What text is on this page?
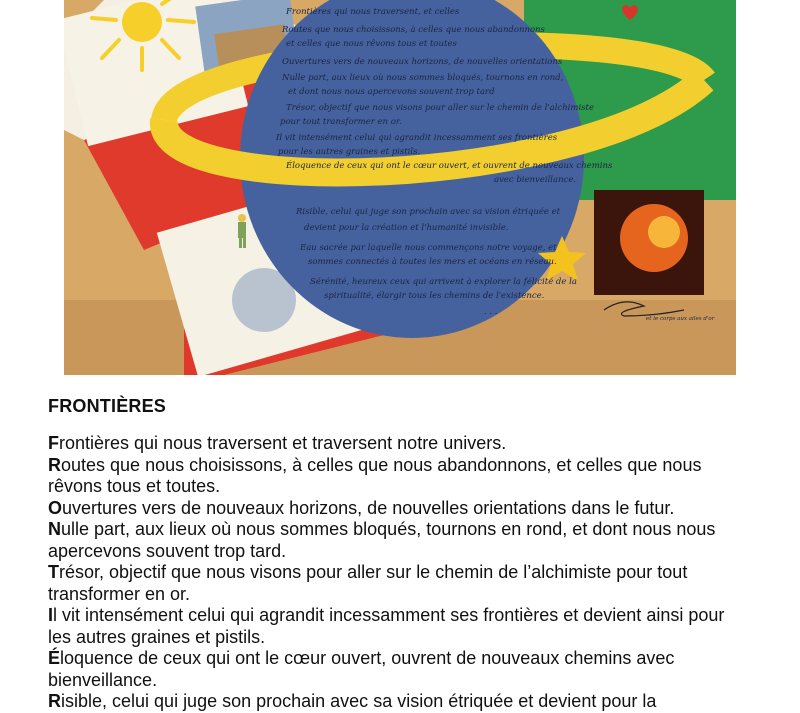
Frontières qui nous traversent, et celles
Routes que nous choisissons, à celles que nous abandonnons
et celles que nous rêvons tous et toutes
Ouvertures vers de nouveaux horizons, de nouvelles orientations
Nulle part, aux lieux où nous sommes bloqués, tournons en rond,
et dont nous nous apercevons souvent trop tard
Trésor, objectif que nous visons pour aller sur le chemin de l'alchimiste
pour tout transformer en or.
Il vit intensément celui qui agrandit incessamment ses frontières
pour les autres graines et pistils.
Éloquence de ceux qui ont le cœur ouvert, et ouvrent de nouveaux chemins
avec bienveillance.
Risible, celui qui juge son prochain avec sa vision étriquée et
devient pour la création et l'humanité invisible.
Eau sacrée par laquelle nous commençons notre voyage, et
sommes connectés à toutes les mers et océans en réseau.
Sérénité, heureux ceux qui arrivent à explorer la félicité de la
spiritualité, élargir tous les chemins de l'existence.
. . .
et le corps aux ailes d'or
FRONTIÈRES
Frontières qui nous traversent et traversent notre univers.
Routes que nous choisissons, à celles que nous abandonnons, et celles que nous rêvons tous et toutes.
Ouvertures vers de nouveaux horizons, de nouvelles orientations dans le futur.
Nulle part, aux lieux où nous sommes bloqués, tournons en rond, et dont nous nous apercevons souvent trop tard.
Trésor, objectif que nous visons pour aller sur le chemin de l’alchimiste pour tout transformer en or.
Il vit intensément celui qui agrandit incessamment ses frontières et devient ainsi pour les autres graines et pistils.
Éloquence de ceux qui ont le cœur ouvert, ouvrent de nouveaux chemins avec bienveillance.
Risible, celui qui juge son prochain avec sa vision étriquée et devient pour la
